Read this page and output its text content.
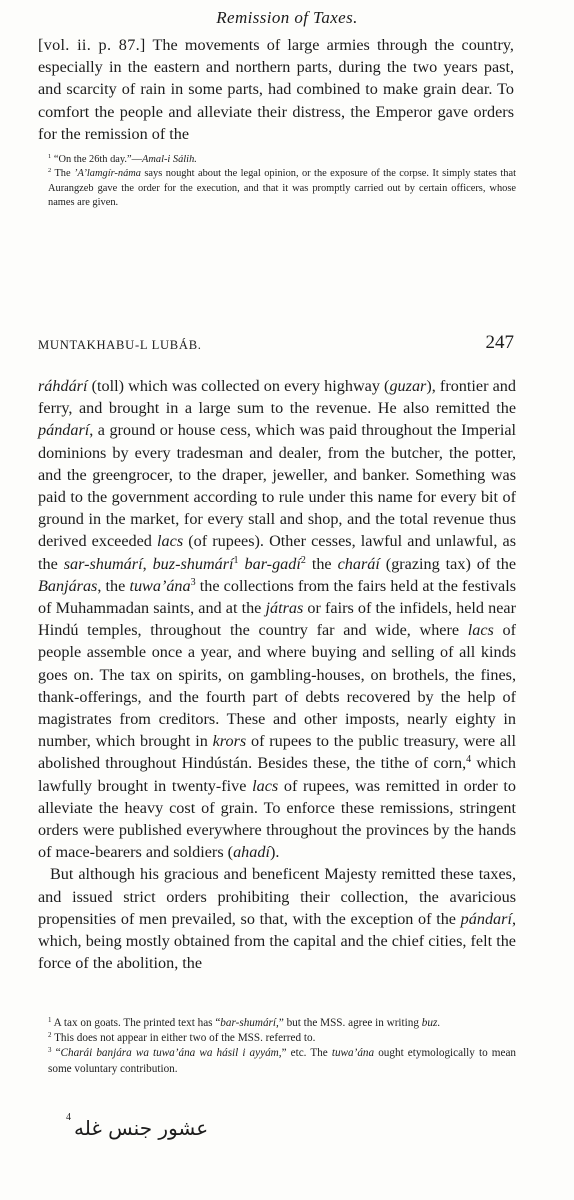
Remission of Taxes.
[vol. ii. p. 87.] The movements of large armies through the country, especially in the eastern and northern parts, during the two years past, and scarcity of rain in some parts, had combined to make grain dear. To comfort the people and alleviate their distress, the Emperor gave orders for the remission of the

$^1$ “On the 26th day.”—Amal-i Sálih.

$^2$ The ’A’lamgír-náma says nought about the legal opinion, or the exposure of the corpse. It simply states that Aurangzeb gave the order for the execution, and that it was promptly carried out by certain officers, whose names are given.

MUNTAKHABU-L LUBÁB.	247

ráhdárí (toll) which was collected on every highway (guzar), frontier and ferry, and brought in a large sum to the revenue. He also remitted the pándarí, a ground or house cess, which was paid throughout the Imperial dominions by every tradesman and dealer, from the butcher, the potter, and the greengrocer, to the draper, jeweller, and banker. Something was paid to the government according to rule under this name for every bit of ground in the market, for every stall and shop, and the total revenue thus derived exceeded lacs (of rupees). Other cesses, lawful and unlawful, as the sar-shumárí, buz-shumárí$^1$ bar-gadí$^2$ the charáí (grazing tax) of the Banjáras, the tuwa’ána$^3$ the collections from the fairs held at the festivals of Muhammadan saints, and at the játras or fairs of the infidels, held near Hindú temples, throughout the country far and wide, where lacs of people assemble once a year, and where buying and selling of all kinds goes on. The tax on spirits, on gambling-houses, on brothels, the fines, thank-offerings, and the fourth part of debts recovered by the help of magistrates from creditors. These and other imposts, nearly eighty in number, which brought in krors of rupees to the public treasury, were all abolished throughout Hindústán. Besides these, the tithe of corn,$^4$ which lawfully brought in twenty-five lacs of rupees, was remitted in order to alleviate the heavy cost of grain. To enforce these remissions, stringent orders were published everywhere throughout the provinces by the hands of mace-bearers and soldiers (ahadí).

But although his gracious and beneficent Majesty remitted these taxes, and issued strict orders prohibiting their collection, the avaricious propensities of men prevailed, so that, with the exception of the pándarí, which, being mostly obtained from the capital and the chief cities, felt the force of the abolition, the

$^1$ A tax on goats. The printed text has “bar-shumárí,” but the MSS. agree in writing buz.

$^2$ This does not appear in either two of the MSS. referred to.

$^3$ “Charái banjára wa tuwa’ána wa hásil i ayyám,” etc. The tuwa’ána ought etymologically to mean some voluntary contribution.

4 عشور جنس غله
